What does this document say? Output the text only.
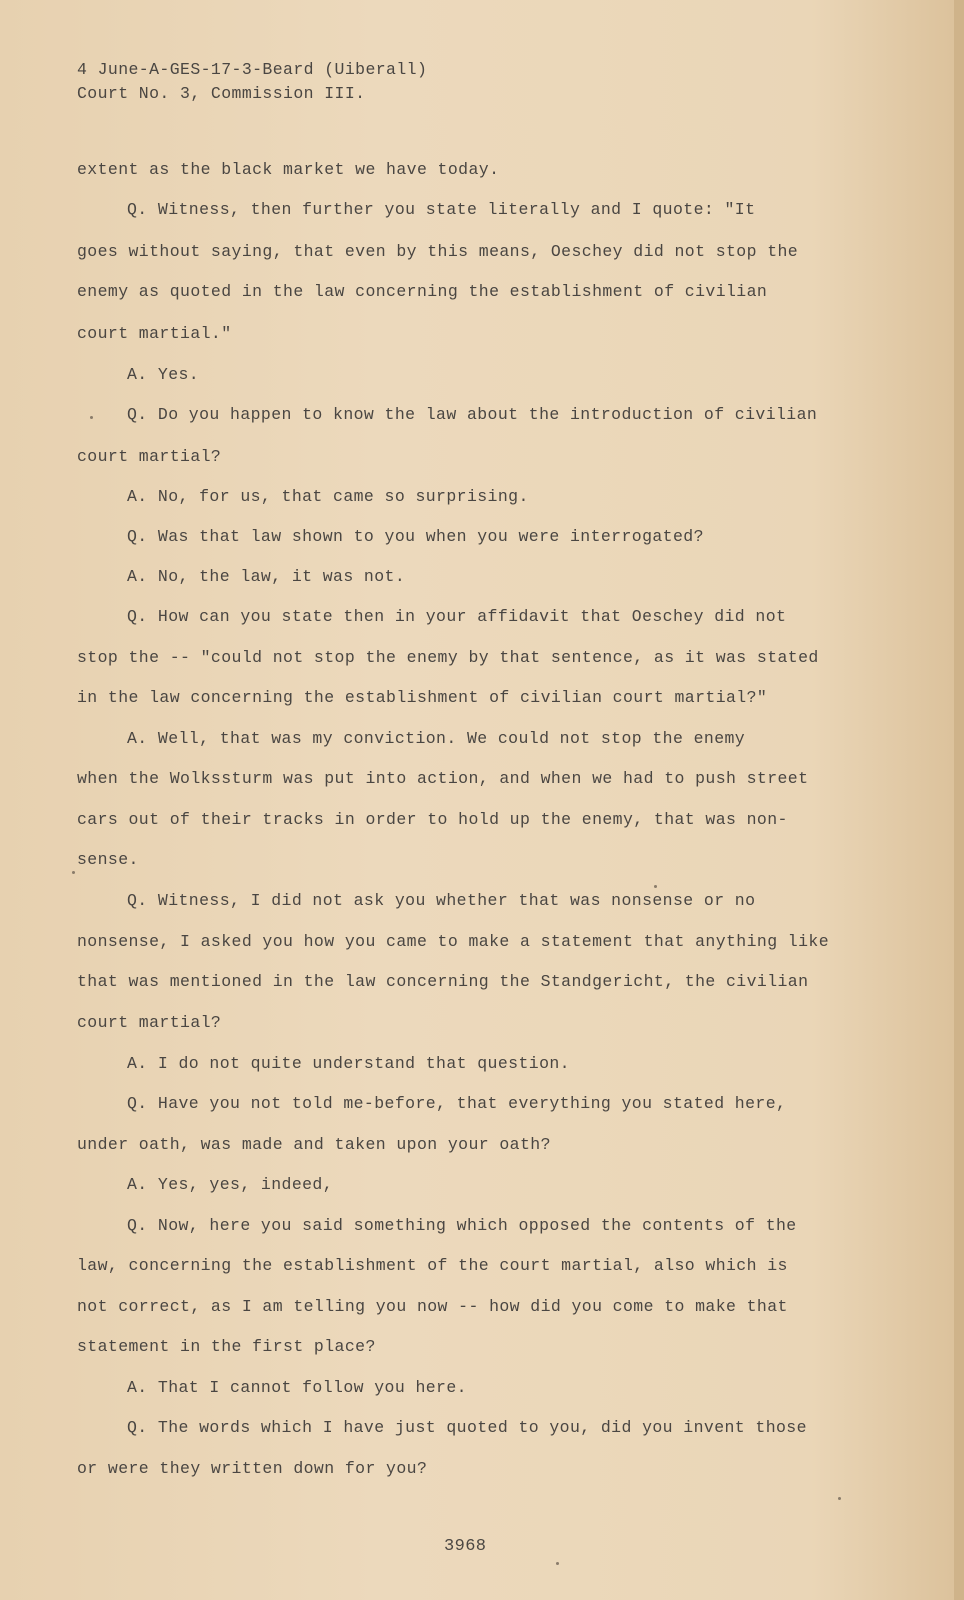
4 June-A-GES-17-3-Beard (Uiberall)
Court No. 3, Commission III.
extent as the black market we have today.
Q. Witness, then further you state literally and I quote: "It
goes without saying, that even by this means, Oeschey did not stop the
enemy as quoted in the law concerning the establishment of civilian
court martial."
A. Yes.
Q. Do you happen to know the law about the introduction of civilian
court martial?
A. No, for us, that came so surprising.
Q. Was that law shown to you when you were interrogated?
A. No, the law, it was not.
Q. How can you state then in your affidavit that Oeschey did not
stop the -- "could not stop the enemy by that sentence, as it was stated
in the law concerning the establishment of civilian court martial?"
A. Well, that was my conviction. We could not stop the enemy
when the Wolkssturm was put into action, and when we had to push street
cars out of their tracks in order to hold up the enemy, that was non-
sense.
Q. Witness, I did not ask you whether that was nonsense or no
nonsense, I asked you how you came to make a statement that anything like
that was mentioned in the law concerning the Standgericht, the civilian
court martial?
A. I do not quite understand that question.
Q. Have you not told me-before, that everything you stated here,
under oath, was made and taken upon your oath?
A. Yes, yes, indeed,
Q. Now, here you said something which opposed the contents of the
law, concerning the establishment of the court martial, also which is
not correct, as I am telling you now -- how did you come to make that
statement in the first place?
A. That I cannot follow you here.
Q. The words which I have just quoted to you, did you invent those
or were they written down for you?
3968
